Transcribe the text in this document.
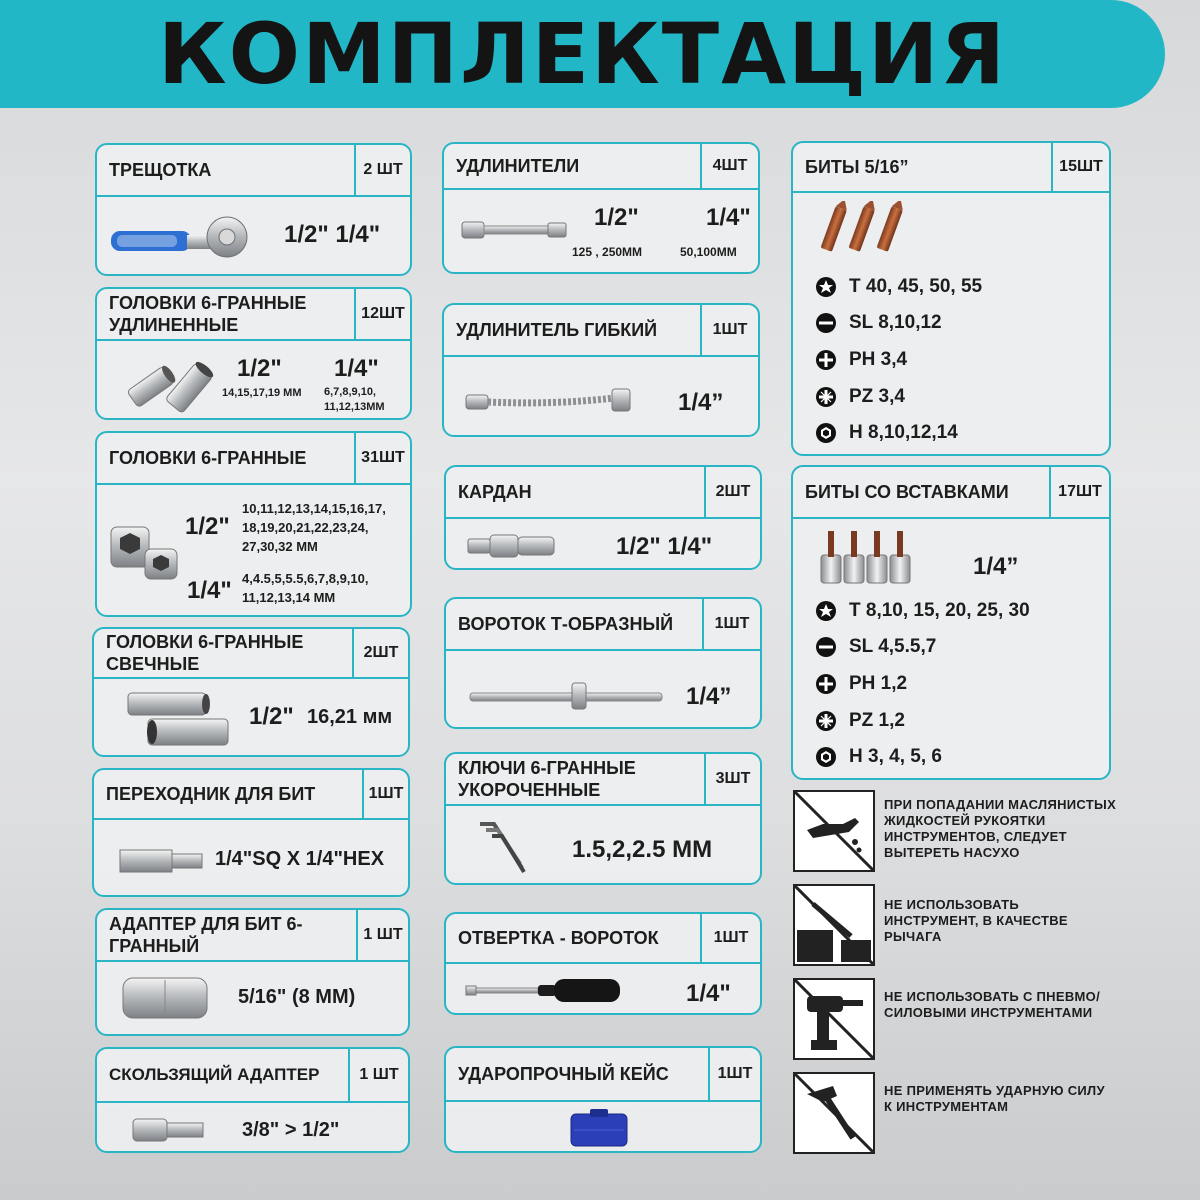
КОМПЛЕКТАЦИЯ
ТРЕЩОТКА	2 ШТ
1/2" 1/4"
ГОЛОВКИ 6-ГРАННЫЕ УДЛИНЕННЫЕ
12ШТ
1/2"
14,15,17,19 ММ
1/4"
6,7,8,9,10, 11,12,13ММ
ГОЛОВКИ 6-ГРАННЫЕ	31ШТ
1/2"
10,11,12,13,14,15,16,17, 18,19,20,21,22,23,24, 27,30,32 ММ
1/4" 4,4.5,5,5.5,6,7,8,9,10, 11,12,13,14 ММ
ГОЛОВКИ 6-ГРАННЫЕ СВЕЧНЫЕ
2ШТ
1/2" 16,21 мм
ПЕРЕХОДНИК ДЛЯ БИТ	1ШТ
1/4"SQ X 1/4"HEX
АДАПТЕР ДЛЯ БИТ 6-ГРАННЫЙ
1 ШТ
5/16" (8 ММ)
СКОЛЬЗЯЩИЙ АДАПТЕР	1 ШТ
3/8" > 1/2"
УДЛИНИТЕЛИ	4ШТ
1/2"
125 , 250ММ
1/4"
50,100ММ
УДЛИНИТЕЛЬ ГИБКИЙ	1ШТ
1/4”
КАРДАН	2ШТ
1/2" 1/4"
ВОРОТОК Т-ОБРАЗНЫЙ	1ШТ
1/4”
КЛЮЧИ 6-ГРАННЫЕ УКОРОЧЕННЫЕ
3ШТ
1.5,2,2.5 ММ
ОТВЕРТКА - ВОРОТОК	1ШТ
1/4"
УДАРОПРОЧНЫЙ КЕЙС	1ШТ
БИТЫ 5/16”	15ШТ
T 40, 45, 50, 55
SL 8,10,12
PH 3,4
PZ 3,4
H 8,10,12,14
БИТЫ СО ВСТАВКАМИ	17ШТ
1/4”
T 8,10, 15, 20, 25, 30
SL 4,5.5,7
PH 1,2
PZ 1,2
H 3, 4, 5, 6
ПРИ ПОПАДАНИИ МАСЛЯНИСТЫХ ЖИДКОСТЕЙ РУКОЯТКИ ИНСТРУМЕНТОВ, СЛЕДУЕТ ВЫТЕРЕТЬ НАСУХО
НЕ ИСПОЛЬЗОВАТЬ ИНСТРУМЕНТ, В КАЧЕСТВЕ РЫЧАГА
НЕ ИСПОЛЬЗОВАТЬ С ПНЕВМО/СИЛОВЫМИ ИНСТРУМЕНТАМИ
НЕ ПРИМЕНЯТЬ УДАРНУЮ СИЛУ К ИНСТРУМЕНТАМ
